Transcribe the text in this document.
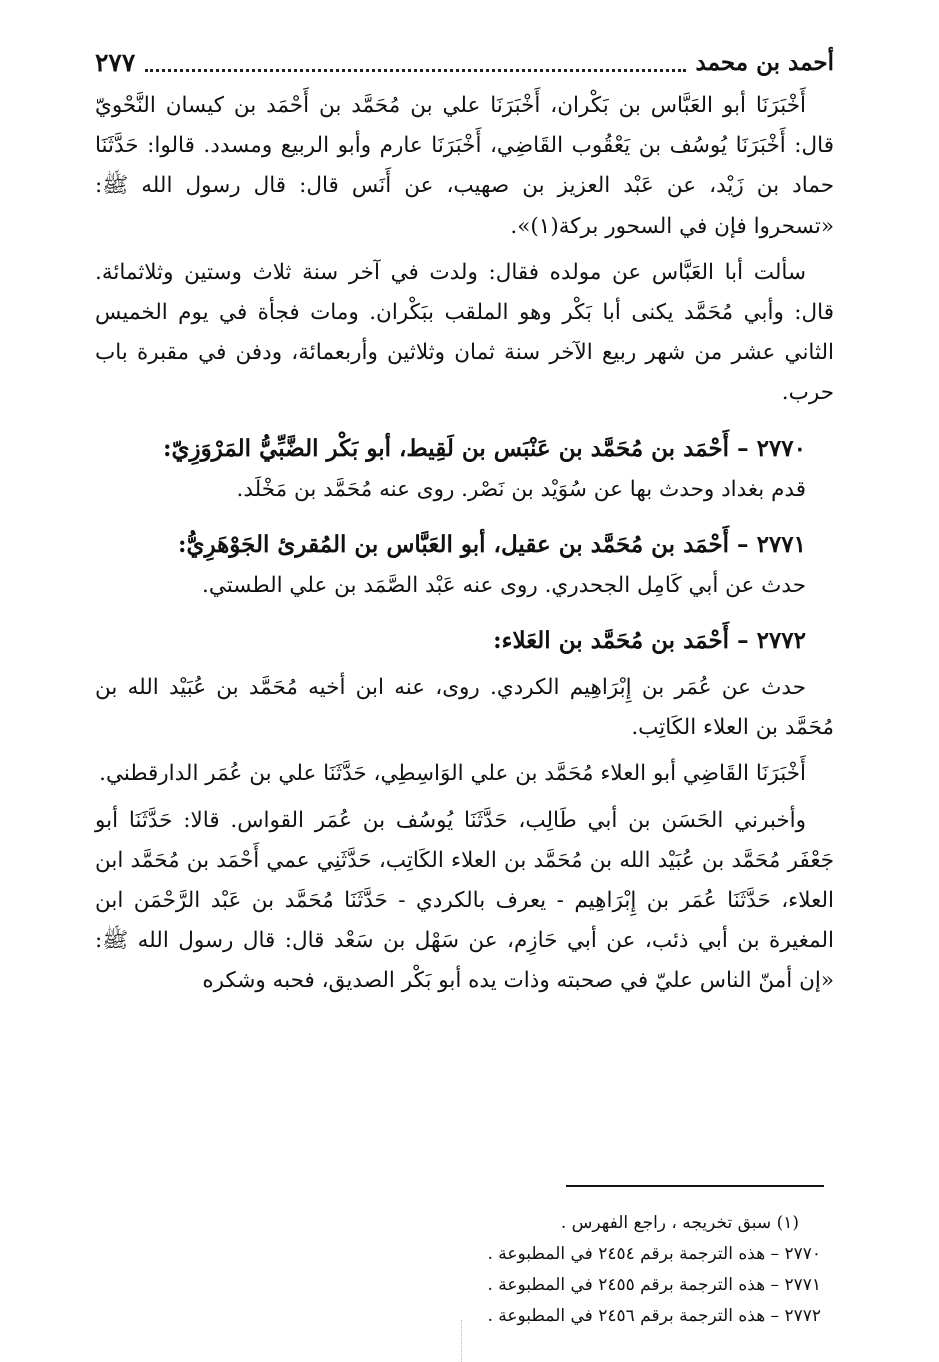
أحمد بن محمد
٢٧٧

أَخْبَرَنَا أبو العَبَّاس بن بَكْران، أَخْبَرَنَا علي بن مُحَمَّد بن أَحْمَد بن كيسان النَّحْويّ قال: أَخْبَرَنَا يُوسُف بن يَعْقُوب القَاضِي، أَخْبَرَنَا عارم وأبو الربيع ومسدد. قالوا: حَدَّثَنَا حماد بن زَيْد، عن عَبْد العزيز بن صهيب، عن أَنَس قال: قال رسول الله ﷺ: «تسحروا فإن في السحور بركة(١)».

سألت أبا العَبَّاس عن مولده فقال: ولدت في آخر سنة ثلاث وستين وثلاثمائة. قال: وأبي مُحَمَّد يكنى أبا بَكْر وهو الملقب ببَكْران. ومات فجأة في يوم الخميس الثاني عشر من شهر ربيع الآخر سنة ثمان وثلاثين وأربعمائة، ودفن في مقبرة باب حرب.

٢٧٧٠ – أَحْمَد بن مُحَمَّد بن عَنْبَس بن لَقِيط، أبو بَكْر الضَّبِّيُّ المَرْوَزِيّ:

قدم بغداد وحدث بها عن سُوَيْد بن نَصْر. روى عنه مُحَمَّد بن مَخْلَد.

٢٧٧١ – أَحْمَد بن مُحَمَّد بن عقيل، أبو العَبَّاس بن المُقرئ الجَوْهَرِيُّ:

حدث عن أبي كَامِل الجحدري. روى عنه عَبْد الصَّمَد بن علي الطستي.

٢٧٧٢ – أَحْمَد بن مُحَمَّد بن العَلاء:

حدث عن عُمَر بن إِبْرَاهِيم الكردي. روى، عنه ابن أخيه مُحَمَّد بن عُبَيْد الله بن مُحَمَّد بن العلاء الكَاتِب.

أَخْبَرَنَا القَاضِي أبو العلاء مُحَمَّد بن علي الوَاسِطِي، حَدَّثَنَا علي بن عُمَر الدارقطني.

وأخبرني الحَسَن بن أبي طَالِب، حَدَّثَنَا يُوسُف بن عُمَر القواس. قالا: حَدَّثَنَا أبو جَعْفَر مُحَمَّد بن عُبَيْد الله بن مُحَمَّد بن العلاء الكَاتِب، حَدَّثَنِي عمي أَحْمَد بن مُحَمَّد ابن العلاء، حَدَّثَنَا عُمَر بن إِبْرَاهِيم - يعرف بالكردي - حَدَّثَنَا مُحَمَّد بن عَبْد الرَّحْمَن ابن المغيرة بن أبي ذئب، عن أبي حَازِم، عن سَهْل بن سَعْد قال: قال رسول الله ﷺ: «إن أمنّ الناس عليّ في صحبته وذات يده أبو بَكْر الصديق، فحبه وشكره

(١) سبق تخريجه ، راجع الفهرس .

٢٧٧٠ – هذه الترجمة برقم ٢٤٥٤ في المطبوعة .

٢٧٧١ – هذه الترجمة برقم ٢٤٥٥ في المطبوعة .

٢٧٧٢ – هذه الترجمة برقم ٢٤٥٦ في المطبوعة .
